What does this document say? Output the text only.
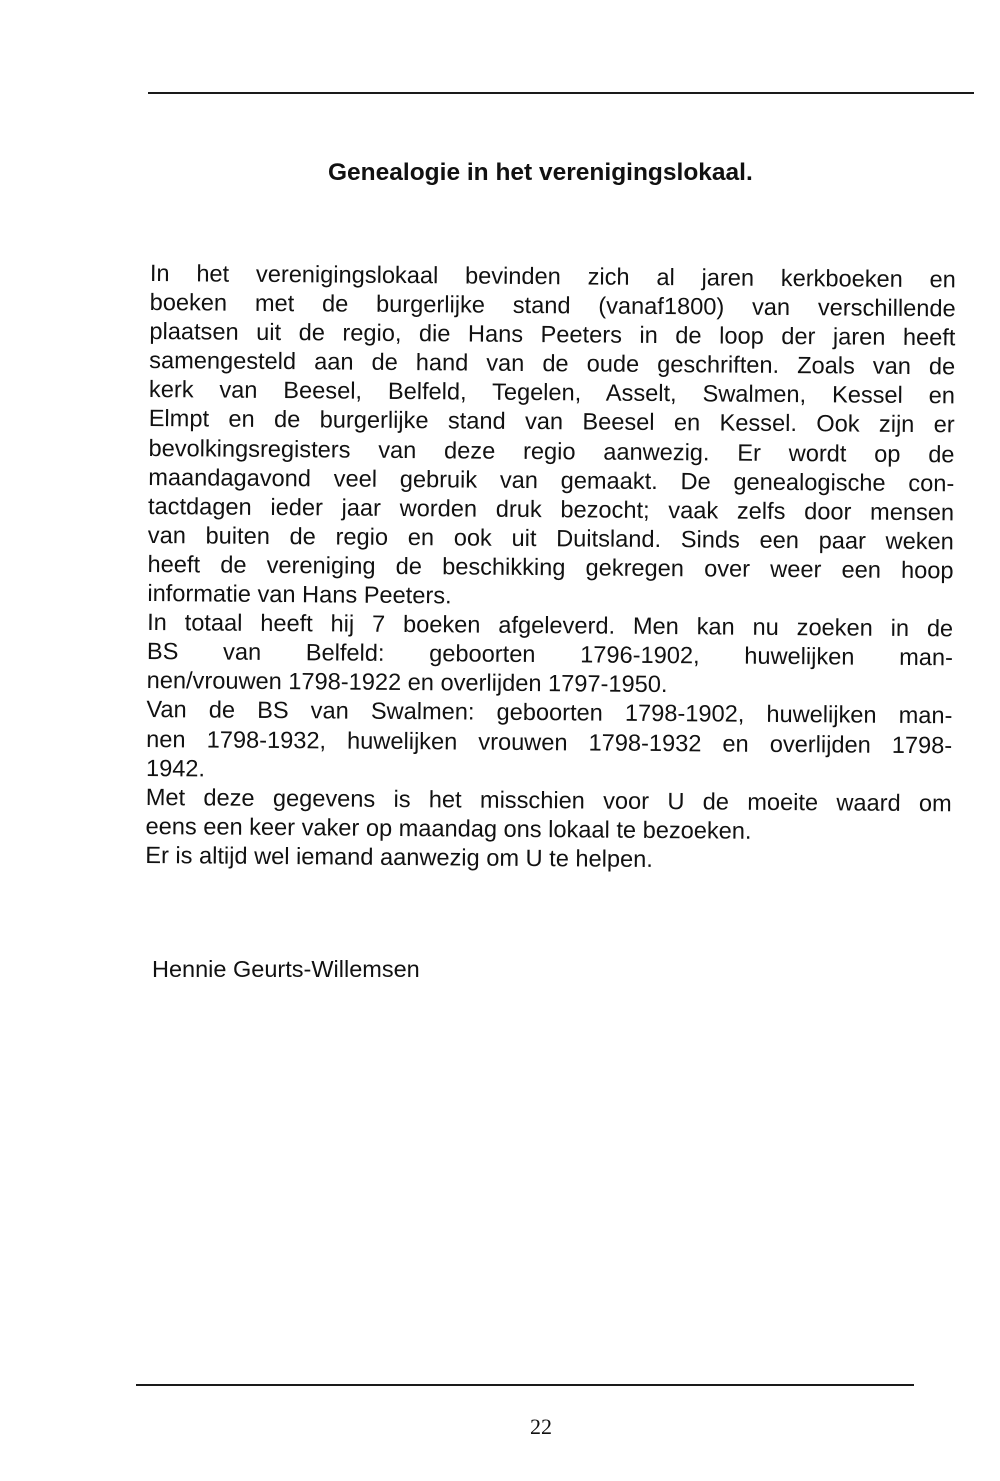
Genealogie in het verenigingslokaal.
In het verenigingslokaal bevinden zich al jaren kerkboeken en
boeken met de burgerlijke stand (vanaf1800) van verschillende
plaatsen uit de regio, die Hans Peeters in de loop der jaren heeft
samengesteld aan de hand van de oude geschriften. Zoals van de
kerk van Beesel, Belfeld, Tegelen, Asselt, Swalmen, Kessel en
Elmpt en de burgerlijke stand van Beesel en Kessel. Ook zijn er
bevolkingsregisters van deze regio aanwezig. Er wordt op de
maandagavond veel gebruik van gemaakt. De genealogische con-
tactdagen ieder jaar worden druk bezocht; vaak zelfs door mensen
van buiten de regio en ook uit Duitsland. Sinds een paar weken
heeft de vereniging de beschikking gekregen over weer een hoop
informatie van Hans Peeters.
In totaal heeft hij 7 boeken afgeleverd. Men kan nu zoeken in de
BS van Belfeld: geboorten 1796-1902, huwelijken man-
nen/vrouwen 1798-1922 en overlijden 1797-1950.
Van de BS van Swalmen: geboorten 1798-1902, huwelijken man-
nen 1798-1932, huwelijken vrouwen 1798-1932 en overlijden 1798-
1942.
Met deze gegevens is het misschien voor U de moeite waard om
eens een keer vaker op maandag ons lokaal te bezoeken.
Er is altijd wel iemand aanwezig om U te helpen.
Hennie Geurts-Willemsen
22
